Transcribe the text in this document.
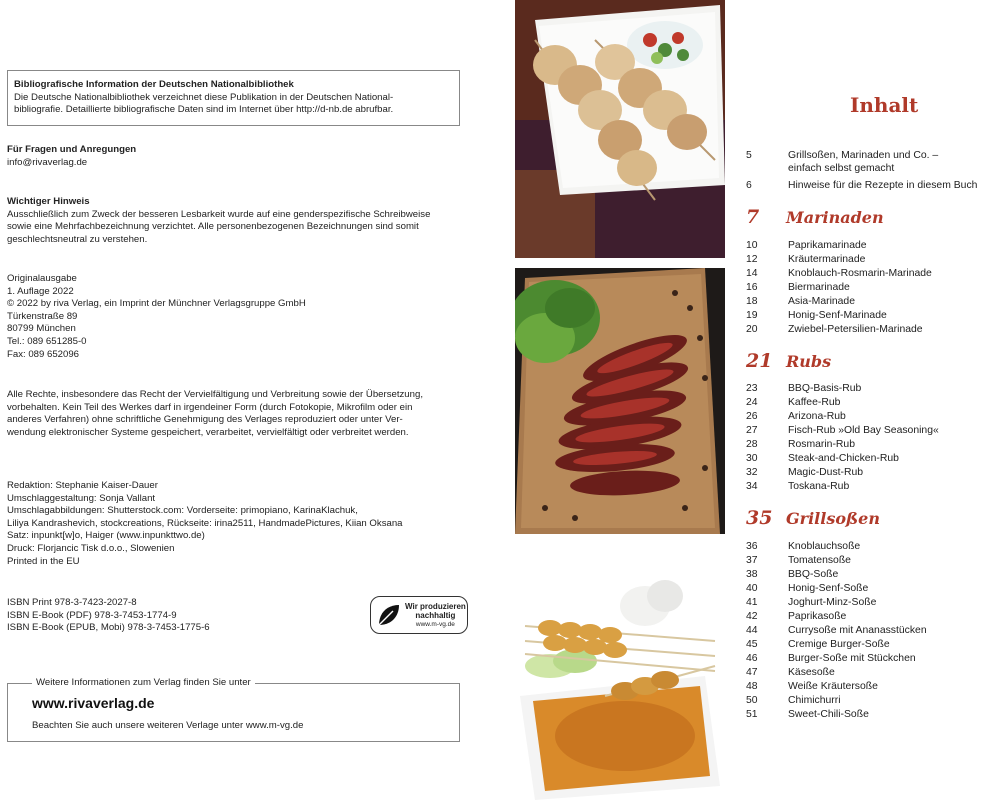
Bibliografische Information der Deutschen Nationalbibliothek
Die Deutsche Nationalbibliothek verzeichnet diese Publikation in der Deutschen National-
bibliografie. Detaillierte bibliografische Daten sind im Internet über http://d-nb.de abrufbar.
Für Fragen und Anregungen
info@rivaverlag.de
Wichtiger Hinweis
Ausschließlich zum Zweck der besseren Lesbarkeit wurde auf eine genderspezifische Schreibweise
sowie eine Mehrfachbezeichnung verzichtet. Alle personenbezogenen Bezeichnungen sind somit
geschlechtsneutral zu verstehen.
Originalausgabe
1. Auflage 2022
© 2022 by riva Verlag, ein Imprint der Münchner Verlagsgruppe GmbH
Türkenstraße 89
80799 München
Tel.: 089 651285-0
Fax: 089 652096
Alle Rechte, insbesondere das Recht der Vervielfältigung und Verbreitung sowie der Übersetzung,
vorbehalten. Kein Teil des Werkes darf in irgendeiner Form (durch Fotokopie, Mikrofilm oder ein
anderes Verfahren) ohne schriftliche Genehmigung des Verlages reproduziert oder unter Ver-
wendung elektronischer Systeme gespeichert, verarbeitet, vervielfältigt oder verbreitet werden.
Redaktion: Stephanie Kaiser-Dauer
Umschlaggestaltung: Sonja Vallant
Umschlagabbildungen: Shutterstock.com: Vorderseite: primopiano, KarinaKlachuk,
Liliya Kandrashevich, stockcreations, Rückseite: irina2511, HandmadePictures, Kiian Oksana
Satz: inpunkt[w]o, Haiger (www.inpunkttwo.de)
Druck: Florjancic Tisk d.o.o., Slowenien
Printed in the EU
ISBN Print 978-3-7423-2027-8
ISBN E-Book (PDF) 978-3-7453-1774-9
ISBN E-Book (EPUB, Mobi) 978-3-7453-1775-6
Wir produzieren
nachhaltig
www.m-vg.de
Weitere Informationen zum Verlag finden Sie unter
www.rivaverlag.de
Beachten Sie auch unsere weiteren Verlage unter www.m-vg.de
Inhalt
5	Grillsoßen, Marinaden und Co. –
einfach selbst gemacht
6	Hinweise für die Rezepte in diesem Buch
7 Marinaden
10	Paprikamarinade
12	Kräutermarinade
14	Knoblauch-Rosmarin-Marinade
16	Biermarinade
18	Asia-Marinade
19	Honig-Senf-Marinade
20	Zwiebel-Petersilien-Marinade
21 Rubs
23	BBQ-Basis-Rub
24	Kaffee-Rub
26	Arizona-Rub
27	Fisch-Rub »Old Bay Seasoning«
28	Rosmarin-Rub
30	Steak-and-Chicken-Rub
32	Magic-Dust-Rub
34	Toskana-Rub
35 Grillsoßen
36	Knoblauchsoße
37	Tomatensoße
38	BBQ-Soße
40	Honig-Senf-Soße
41	Joghurt-Minz-Soße
42	Paprikasoße
44	Currysoße mit Ananasstücken
45	Cremige Burger-Soße
46	Burger-Soße mit Stückchen
47	Käsesoße
48	Weiße Kräutersoße
50	Chimichurri
51	Sweet-Chili-Soße
